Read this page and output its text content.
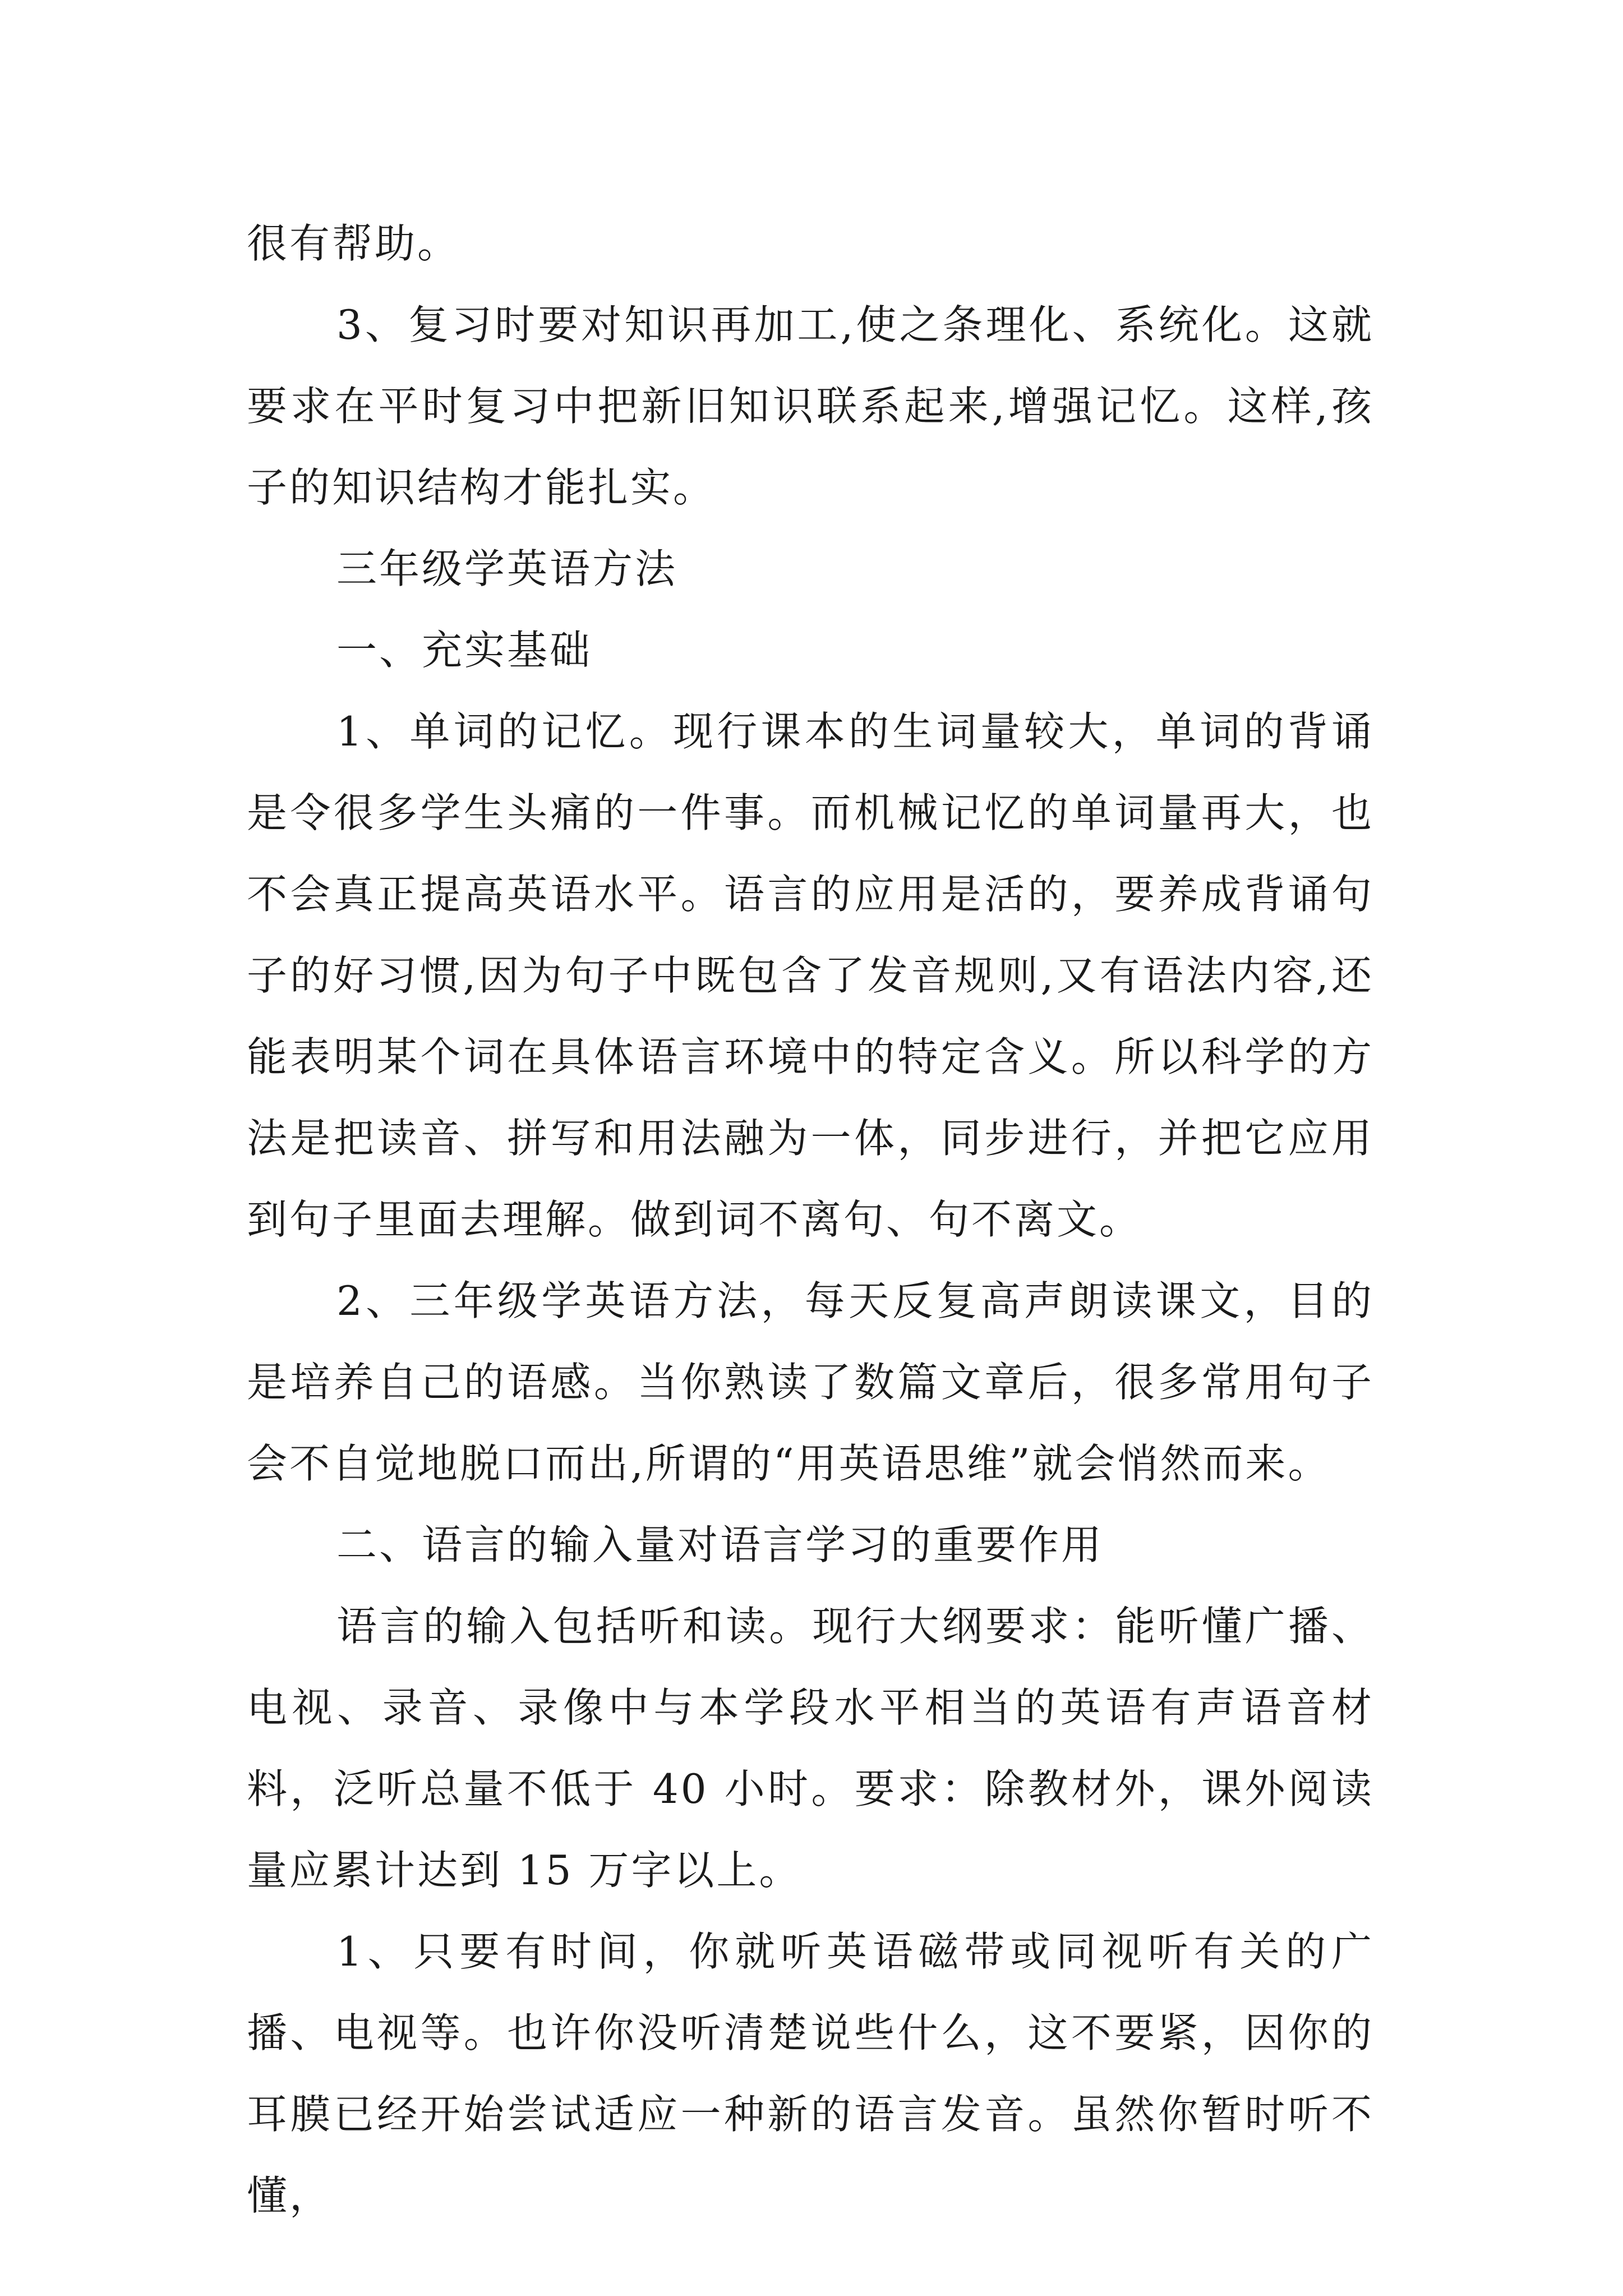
很有帮助。

3、复习时要对知识再加工,使之条理化、系统化。这就要求在平时复习中把新旧知识联系起来,增强记忆。这样,孩子的知识结构才能扎实。

三年级学英语方法

一、充实基础

1、单词的记忆。现行课本的生词量较大，单词的背诵是令很多学生头痛的一件事。而机械记忆的单词量再大，也不会真正提高英语水平。语言的应用是活的，要养成背诵句子的好习惯,因为句子中既包含了发音规则,又有语法内容,还能表明某个词在具体语言环境中的特定含义。所以科学的方法是把读音、拼写和用法融为一体，同步进行，并把它应用到句子里面去理解。做到词不离句、句不离文。

2、三年级学英语方法，每天反复高声朗读课文，目的是培养自己的语感。当你熟读了数篇文章后，很多常用句子会不自觉地脱口而出,所谓的“用英语思维”就会悄然而来。

二、语言的输入量对语言学习的重要作用

语言的输入包括听和读。现行大纲要求：能听懂广播、电视、录音、录像中与本学段水平相当的英语有声语音材料，泛听总量不低于 40 小时。要求：除教材外，课外阅读量应累计达到 15 万字以上。

1、只要有时间，你就听英语磁带或同视听有关的广播、电视等。也许你没听清楚说些什么，这不要紧，因你的耳膜已经开始尝试适应一种新的语言发音。虽然你暂时听不懂，
